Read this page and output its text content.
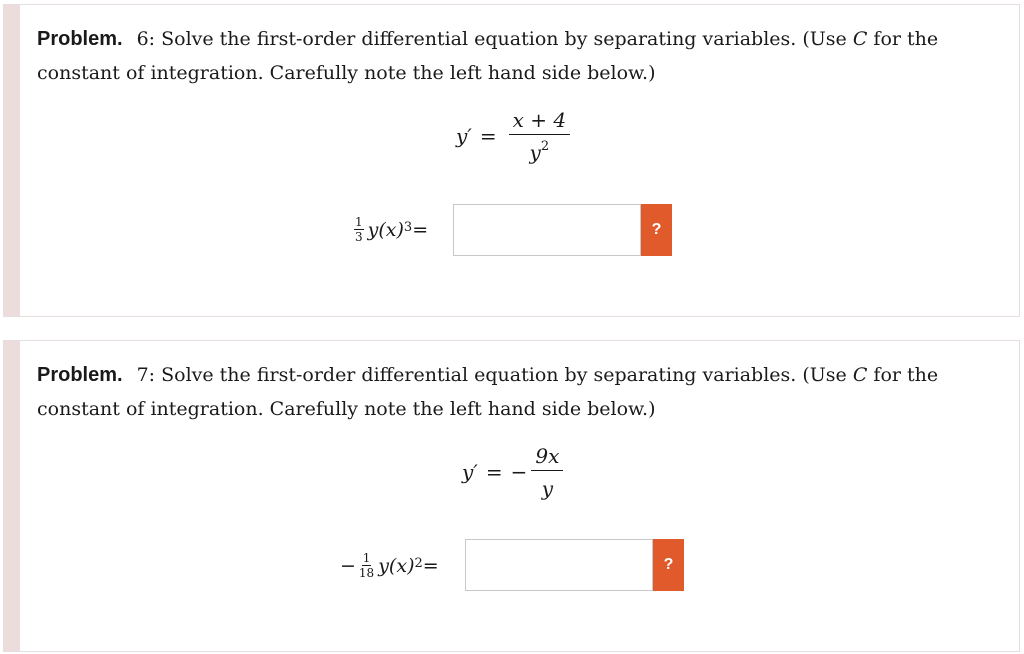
Problem. 6: Solve the first-order differential equation by separating variables. (Use C for the constant of integration. Carefully note the left hand side below.)
$y' = \frac{x + 4}{y^2}$
$\frac{1}{3} y(x) 3$ =	?
Problem. 7: Solve the first-order differential equation by separating variables. (Use C for the constant of integration. Carefully note the left hand side below.)
y′ = − $\frac{9x}{y}$
− $\frac{1}{18} y(x) 2$ =	?
